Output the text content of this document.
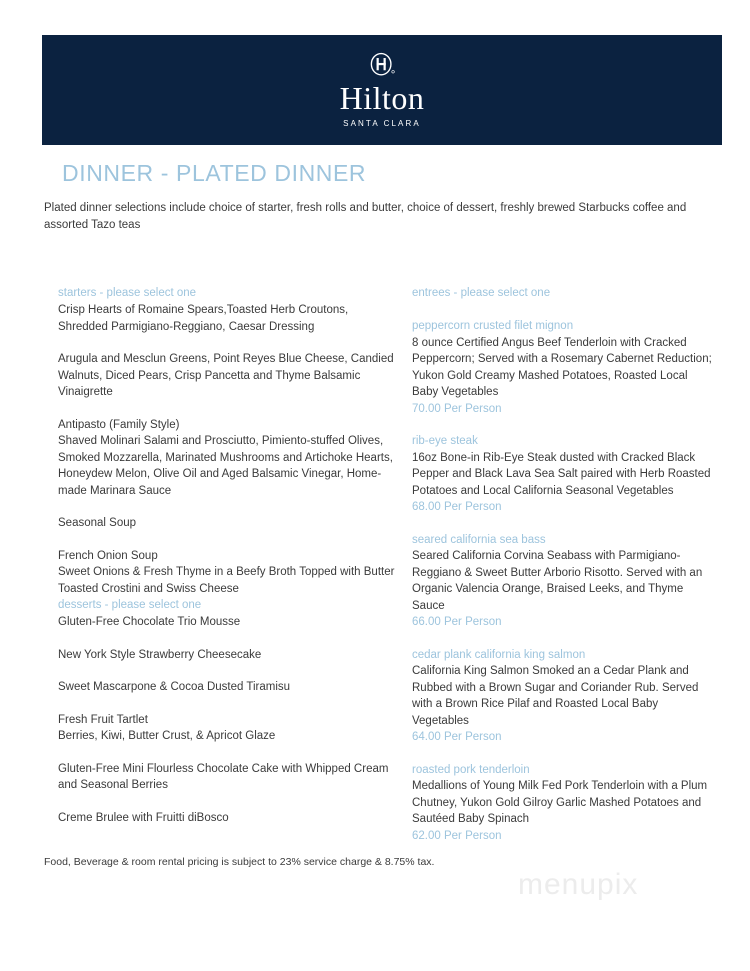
Hilton
SANTA CLARA
DINNER - PLATED DINNER
Plated dinner selections include choice of starter, fresh rolls and butter, choice of dessert, freshly brewed Starbucks coffee and assorted Tazo teas
starters - please select one
Crisp Hearts of Romaine Spears,Toasted Herb Croutons, Shredded Parmigiano-Reggiano, Caesar Dressing
Arugula and Mesclun Greens, Point Reyes Blue Cheese, Candied Walnuts, Diced Pears, Crisp Pancetta and Thyme Balsamic Vinaigrette
Antipasto (Family Style)
Shaved Molinari Salami and Prosciutto, Pimiento-stuffed Olives, Smoked Mozzarella, Marinated Mushrooms and Artichoke Hearts, Honeydew Melon, Olive Oil and Aged Balsamic Vinegar, Home-made Marinara Sauce
Seasonal Soup
French Onion Soup
Sweet Onions & Fresh Thyme in a Beefy Broth Topped with Butter Toasted Crostini and Swiss Cheese
desserts - please select one
Gluten-Free Chocolate Trio Mousse
New York Style Strawberry Cheesecake
Sweet Mascarpone & Cocoa Dusted Tiramisu
Fresh Fruit Tartlet
Berries, Kiwi, Butter Crust, & Apricot Glaze
Gluten-Free Mini Flourless Chocolate Cake with Whipped Cream and Seasonal Berries
Creme Brulee with Fruitti diBosco
entrees - please select one
peppercorn crusted filet mignon
8 ounce Certified Angus Beef Tenderloin with Cracked Peppercorn; Served with a Rosemary Cabernet Reduction; Yukon Gold Creamy Mashed Potatoes, Roasted Local Baby Vegetables
70.00 Per Person
rib-eye steak
16oz Bone-in Rib-Eye Steak dusted with Cracked Black Pepper and Black Lava Sea Salt paired with Herb Roasted Potatoes and Local California Seasonal Vegetables
68.00 Per Person
seared california sea bass
Seared California Corvina Seabass with Parmigiano-Reggiano & Sweet Butter Arborio Risotto. Served with an Organic Valencia Orange, Braised Leeks, and Thyme Sauce
66.00 Per Person
cedar plank california king salmon
California King Salmon Smoked an a Cedar Plank and Rubbed with a Brown Sugar and Coriander Rub. Served with a Brown Rice Pilaf and Roasted Local Baby Vegetables
64.00 Per Person
roasted pork tenderloin
Medallions of Young Milk Fed Pork Tenderloin with a Plum Chutney, Yukon Gold Gilroy Garlic Mashed Potatoes and Sautéed Baby Spinach
62.00 Per Person
Food, Beverage & room rental pricing is subject to 23% service charge & 8.75% tax.
menupix
